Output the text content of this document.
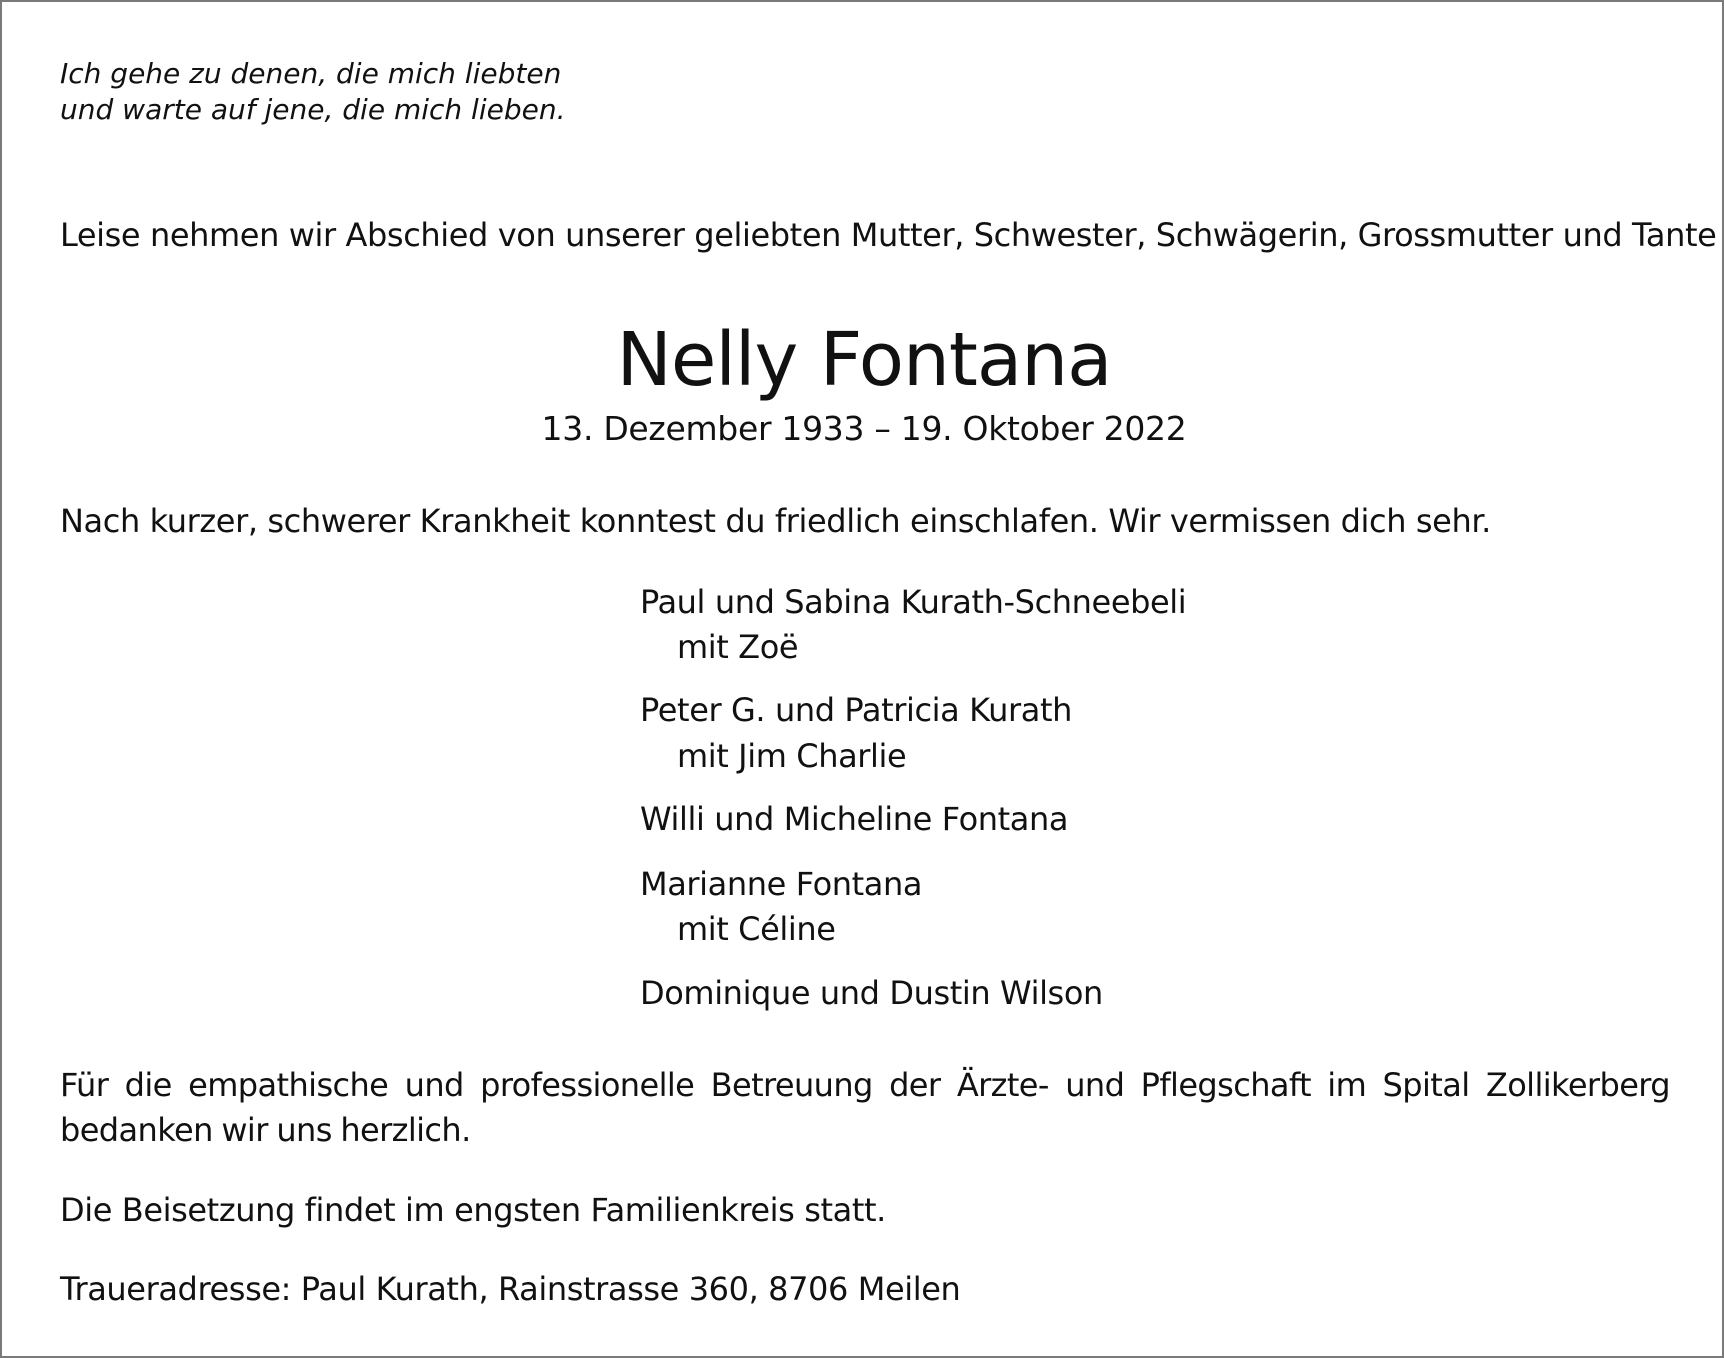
Ich gehe zu denen, die mich liebten

und warte auf jene, die mich lieben.

Leise nehmen wir Abschied von unserer geliebten Mutter, Schwester, Schwägerin, Grossmutter und Tante

Nelly Fontana

13. Dezember 1933 – 19. Oktober 2022

Nach kurzer, schwerer Krankheit konntest du friedlich einschlafen. Wir vermissen dich sehr.

Paul und Sabina Kurath-Schneebeli

mit Zoë

Peter G. und Patricia Kurath

mit Jim Charlie

Willi und Micheline Fontana

Marianne Fontana

mit Céline

Dominique und Dustin Wilson

Für die empathische und professionelle Betreuung der Ärzte- und Pflegschaft im Spital Zollikerberg bedanken wir uns herzlich.

Die Beisetzung findet im engsten Familienkreis statt.

Traueradresse: Paul Kurath, Rainstrasse 360, 8706 Meilen
